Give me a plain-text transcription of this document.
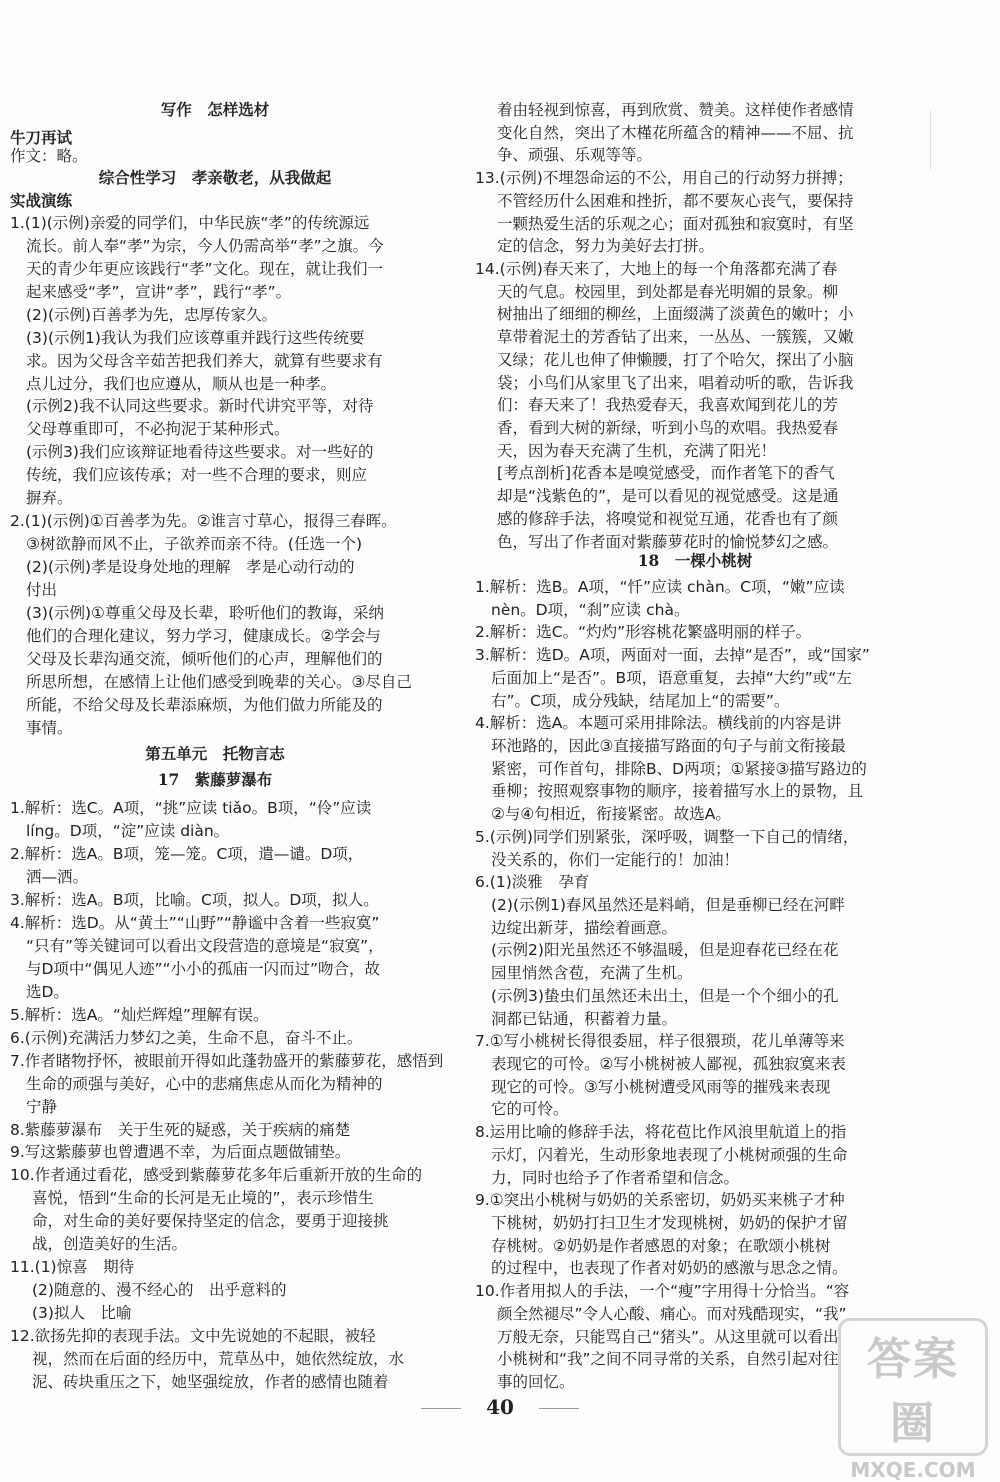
写作　怎样选材
牛刀再试
作文：略。
综合性学习　孝亲敬老，从我做起
实战演练
1.(1)(示例)亲爱的同学们，中华民族“孝”的传统源远
流长。前人奉“孝”为宗，今人仍需高举“孝”之旗。今
天的青少年更应该践行“孝”文化。现在，就让我们一
起来感受“孝”，宣讲“孝”，践行“孝”。
(2)(示例)百善孝为先，忠厚传家久。
(3)(示例1)我认为我们应该尊重并践行这些传统要
求。因为父母含辛茹苦把我们养大，就算有些要求有
点儿过分，我们也应遵从，顺从也是一种孝。
(示例2)我不认同这些要求。新时代讲究平等，对待
父母尊重即可，不必拘泥于某种形式。
(示例3)我们应该辩证地看待这些要求。对一些好的
传统，我们应该传承；对一些不合理的要求，则应
摒弃。
2.(1)(示例)①百善孝为先。②谁言寸草心，报得三春晖。
③树欲静而风不止，子欲养而亲不待。(任选一个)
(2)(示例)孝是设身处地的理解　孝是心动行动的
付出
(3)(示例)①尊重父母及长辈，聆听他们的教诲，采纳
他们的合理化建议，努力学习，健康成长。②学会与
父母及长辈沟通交流，倾听他们的心声，理解他们的
所思所想，在感情上让他们感受到晚辈的关心。③尽自己
所能，不给父母及长辈添麻烦，为他们做力所能及的
事情。
第五单元　托物言志
17　紫藤萝瀑布
1.解析：选C。A项，“挑”应读 tiǎo。B项，“伶”应读
líng。D项，“淀”应读 diàn。
2.解析：选A。B项，笼—笼。C项，遣—谴。D项，
洒—洒。
3.解析：选A。B项，比喻。C项，拟人。D项，拟人。
4.解析：选D。从“黄土”“山野”“静谧中含着一些寂寞”
“只有”等关键词可以看出文段营造的意境是“寂寞”，
与D项中“偶见人迹”“小小的孤庙一闪而过”吻合，故
选D。
5.解析：选A。“灿烂辉煌”理解有误。
6.(示例)充满活力梦幻之美，生命不息，奋斗不止。
7.作者睹物抒怀，被眼前开得如此蓬勃盛开的紫藤萝花，感悟到
生命的顽强与美好，心中的悲痛焦虑从而化为精神的
宁静
8.紫藤萝瀑布　关于生死的疑惑，关于疾病的痛楚
9.写这紫藤萝也曾遭遇不幸，为后面点题做铺垫。
10.作者通过看花，感受到紫藤萝花多年后重新开放的生命的
喜悦，悟到“生命的长河是无止境的”，表示珍惜生
命，对生命的美好要保持坚定的信念，要勇于迎接挑
战，创造美好的生活。
11.(1)惊喜　期待
(2)随意的、漫不经心的　出乎意料的
(3)拟人　比喻
12.欲扬先抑的表现手法。文中先说她的不起眼，被轻
视，然而在后面的经历中，荒草丛中，她依然绽放，水
泥、砖块重压之下，她坚强绽放，作者的感情也随着
着由轻视到惊喜，再到欣赏、赞美。这样使作者感情
变化自然，突出了木槿花所蕴含的精神——不屈、抗
争、顽强、乐观等等。
13.(示例)不埋怨命运的不公，用自己的行动努力拼搏；
不管经历什么困难和挫折，都不要灰心丧气，要保持
一颗热爱生活的乐观之心；面对孤独和寂寞时，有坚
定的信念，努力为美好去打拼。
14.(示例)春天来了，大地上的每一个角落都充满了春
天的气息。校园里，到处都是春光明媚的景象。柳
树抽出了细细的柳丝，上面缀满了淡黄色的嫩叶；小
草带着泥土的芳香钻了出来，一丛丛、一簇簇，又嫩
又绿；花儿也伸了伸懒腰，打了个哈欠，探出了小脑
袋；小鸟们从家里飞了出来，唱着动听的歌，告诉我
们：春天来了！我热爱春天，我喜欢闻到花儿的芳
香，看到大树的新绿，听到小鸟的欢唱。我热爱春
天，因为春天充满了生机，充满了阳光！
[考点剖析]花香本是嗅觉感受，而作者笔下的香气
却是“浅紫色的”，是可以看见的视觉感受。这是通
感的修辞手法，将嗅觉和视觉互通，花香也有了颜
色，写出了作者面对紫藤萝花时的愉悦梦幻之感。
18　一棵小桃树
1.解析：选B。A项，“忏”应读 chàn。C项，“嫩”应读
nèn。D项，“刹”应读 chà。
2.解析：选C。“灼灼”形容桃花繁盛明丽的样子。
3.解析：选D。A项，两面对一面，去掉“是否”，或“国家”
后面加上“是否”。B项，语意重复，去掉“大约”或“左
右”。C项，成分残缺，结尾加上“的需要”。
4.解析：选A。本题可采用排除法。横线前的内容是讲
环池路的，因此③直接描写路面的句子与前文衔接最
紧密，可作首句，排除B、D两项；①紧接③描写路边的
垂柳；按照观察事物的顺序，接着描写水上的景物，且
②与④句相近，衔接紧密。故选A。
5.(示例)同学们别紧张，深呼吸，调整一下自己的情绪，
没关系的，你们一定能行的！加油！
6.(1)淡雅　孕育
(2)(示例1)春风虽然还是料峭，但是垂柳已经在河畔
边绽出新芽，描绘着画意。
(示例2)阳光虽然还不够温暖，但是迎春花已经在花
园里悄然含苞，充满了生机。
(示例3)蛰虫们虽然还未出土，但是一个个细小的孔
洞都已钻通，积蓄着力量。
7.①写小桃树长得很委屈，样子很猥琐，花儿单薄等来
表现它的可怜。②写小桃树被人鄙视，孤独寂寞来表
现它的可怜。③写小桃树遭受风雨等的摧残来表现
它的可怜。
8.运用比喻的修辞手法，将花苞比作风浪里航道上的指
示灯，闪着光，生动形象地表现了小桃树顽强的生命
力，同时也给予了作者希望和信念。
9.①突出小桃树与奶奶的关系密切，奶奶买来桃子才种
下桃树，奶奶打扫卫生才发现桃树，奶奶的保护才留
存桃树。②奶奶是作者感恩的对象；在歌颂小桃树
的过程中，也表现了作者对奶奶的感激与思念之情。
10.作者用拟人的手法，一个“瘦”字用得十分恰当。“容
颜全然褪尽”令人心酸、痛心。而对残酷现实，“我”
万般无奈，只能骂自己“猪头”。从这里就可以看出
小桃树和“我”之间不同寻常的关系，自然引起对往
事的回忆。
40
答案圈
MXQE.COM
